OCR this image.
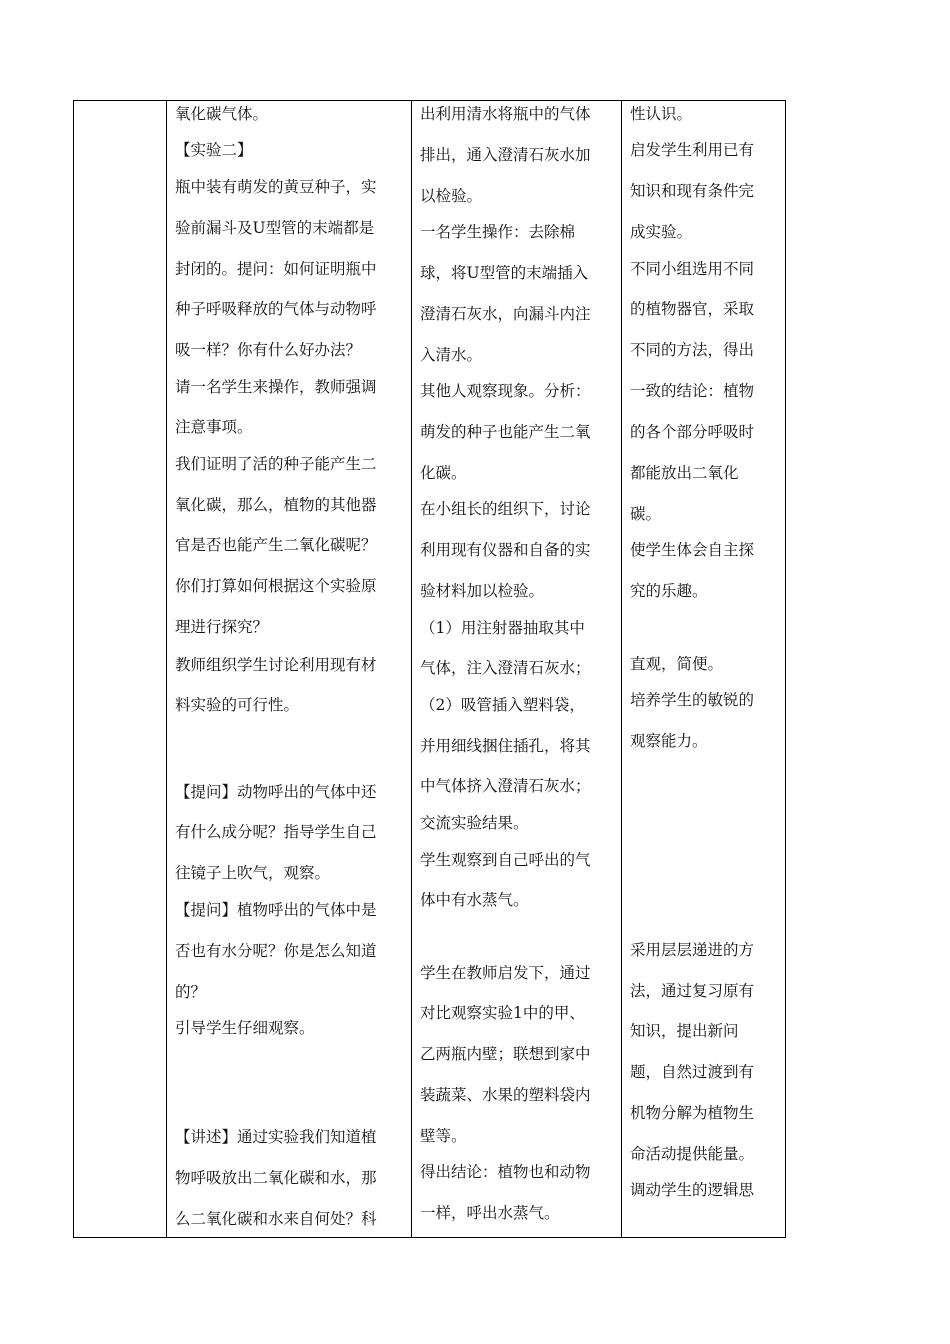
氧化碳气体。
【实验二】
瓶中装有萌发的黄豆种子，实
验前漏斗及U型管的末端都是
封闭的。提问：如何证明瓶中
种子呼吸释放的气体与动物呼
吸一样？你有什么好办法？
请一名学生来操作，教师强调
注意事项。
我们证明了活的种子能产生二
氧化碳，那么，植物的其他器
官是否也能产生二氧化碳呢？
你们打算如何根据这个实验原
理进行探究？
教师组织学生讨论利用现有材
料实验的可行性。
【提问】动物呼出的气体中还
有什么成分呢？指导学生自己
往镜子上吹气，观察。
【提问】植物呼出的气体中是
否也有水分呢？你是怎么知道
的？
引导学生仔细观察。
【讲述】通过实验我们知道植
物呼吸放出二氧化碳和水，那
么二氧化碳和水来自何处？科
出利用清水将瓶中的气体
排出，通入澄清石灰水加
以检验。
一名学生操作：去除棉
球，将U型管的末端插入
澄清石灰水，向漏斗内注
入清水。
其他人观察现象。分析：
萌发的种子也能产生二氧
化碳。
在小组长的组织下，讨论
利用现有仪器和自备的实
验材料加以检验。
（1）用注射器抽取其中
气体，注入澄清石灰水；
（2）吸管插入塑料袋，
并用细线捆住插孔，将其
中气体挤入澄清石灰水；
交流实验结果。
学生观察到自己呼出的气
体中有水蒸气。
学生在教师启发下，通过
对比观察实验1中的甲、
乙两瓶内壁；联想到家中
装蔬菜、水果的塑料袋内
壁等。
得出结论：植物也和动物
一样，呼出水蒸气。
性认识。
启发学生利用已有
知识和现有条件完
成实验。
不同小组选用不同
的植物器官，采取
不同的方法，得出
一致的结论：植物
的各个部分呼吸时
都能放出二氧化
碳。
使学生体会自主探
究的乐趣。
直观，简便。
培养学生的敏锐的
观察能力。
采用层层递进的方
法，通过复习原有
知识，提出新问
题，自然过渡到有
机物分解为植物生
命活动提供能量。
调动学生的逻辑思
